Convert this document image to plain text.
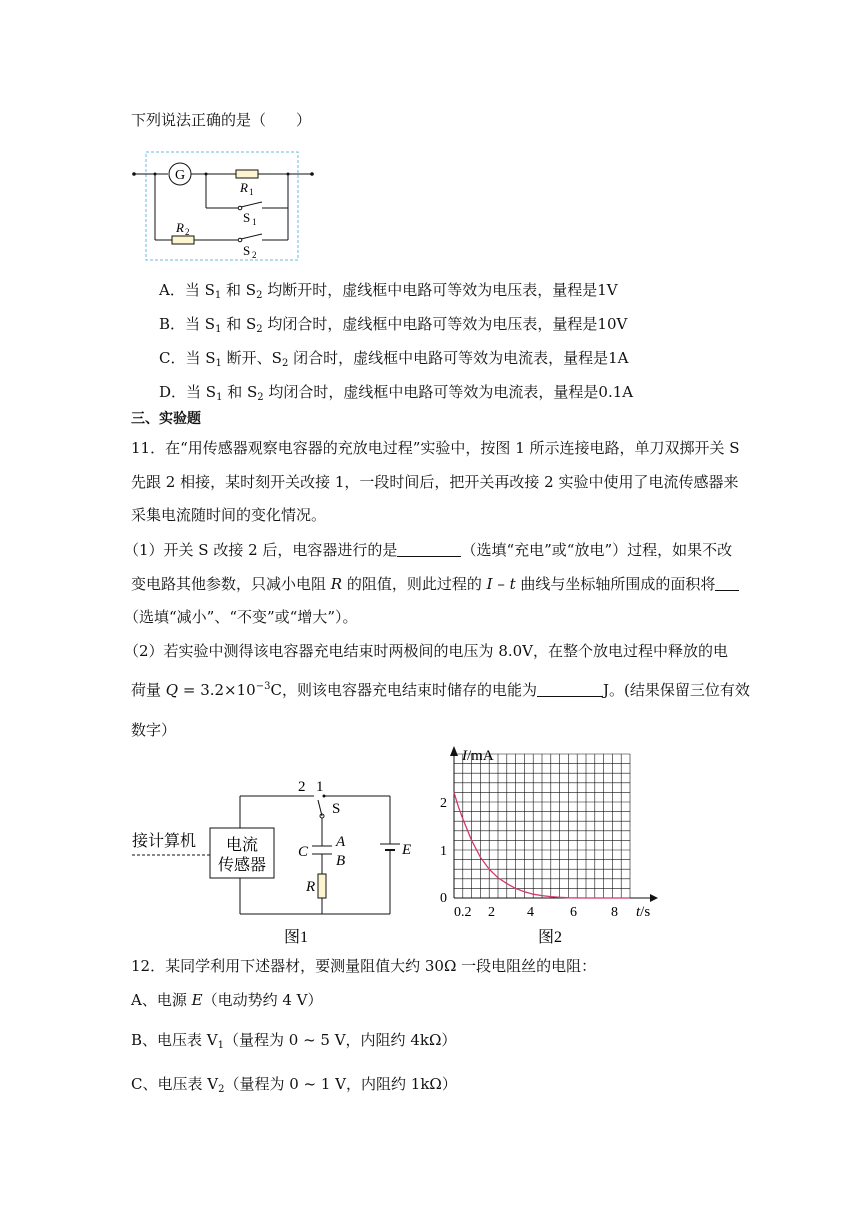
下列说法正确的是（　　）
G
R 1
S 1
R 2
S 2
A．当 $S_1$ 和 $S_2$ 均断开时，虚线框中电路可等效为电压表，量程是1V
B．当 $S_1$ 和 $S_2$ 均闭合时，虚线框中电路可等效为电压表，量程是10V
C．当 $S_1$ 断开、$S_2$ 闭合时，虚线框中电路可等效为电流表，量程是1A
D．当 $S_1$ 和 $S_2$ 均闭合时，虚线框中电路可等效为电流表，量程是0.1A
三、实验题
11．在“用传感器观察电容器的充放电过程”实验中，按图 1 所示连接电路，单刀双掷开关 S
先跟 2 相接，某时刻开关改接 1，一段时间后，把开关再改接 2 实验中使用了电流传感器来
采集电流随时间的变化情况。
（1）开关 S 改接 2 后，电容器进行的是	（选填“充电”或“放电”）过程，如果不改
变电路其他参数，只减小电阻 R 的阻值，则此过程的 I – t 曲线与坐标轴所围成的面积将
（选填“减小”、“不变”或“增大”）。
（2）若实验中测得该电容器充电结束时两极间的电压为 8.0V，在整个放电过程中释放的电
荷量 $Q = 3.2\times 10^{-3}C$，则该电容器充电结束时储存的电能为	J。(结果保留三位有效
数字）
接计算机 电流
传感器
2 1
S
A
C
B
R
E
图1
I/mA
t/s
2
1
0
0.2 2 4	6 8
图2
12．某同学利用下述器材，要测量阻值大约 30Ω 一段电阻丝的电阻：
A、电源 E（电动势约 4 V）
B、电压表 $V_1$（量程为 0 ~ 5 V，内阻约 4kΩ）
C、电压表 $V_2$（量程为 0 ~ 1 V，内阻约 1kΩ）
